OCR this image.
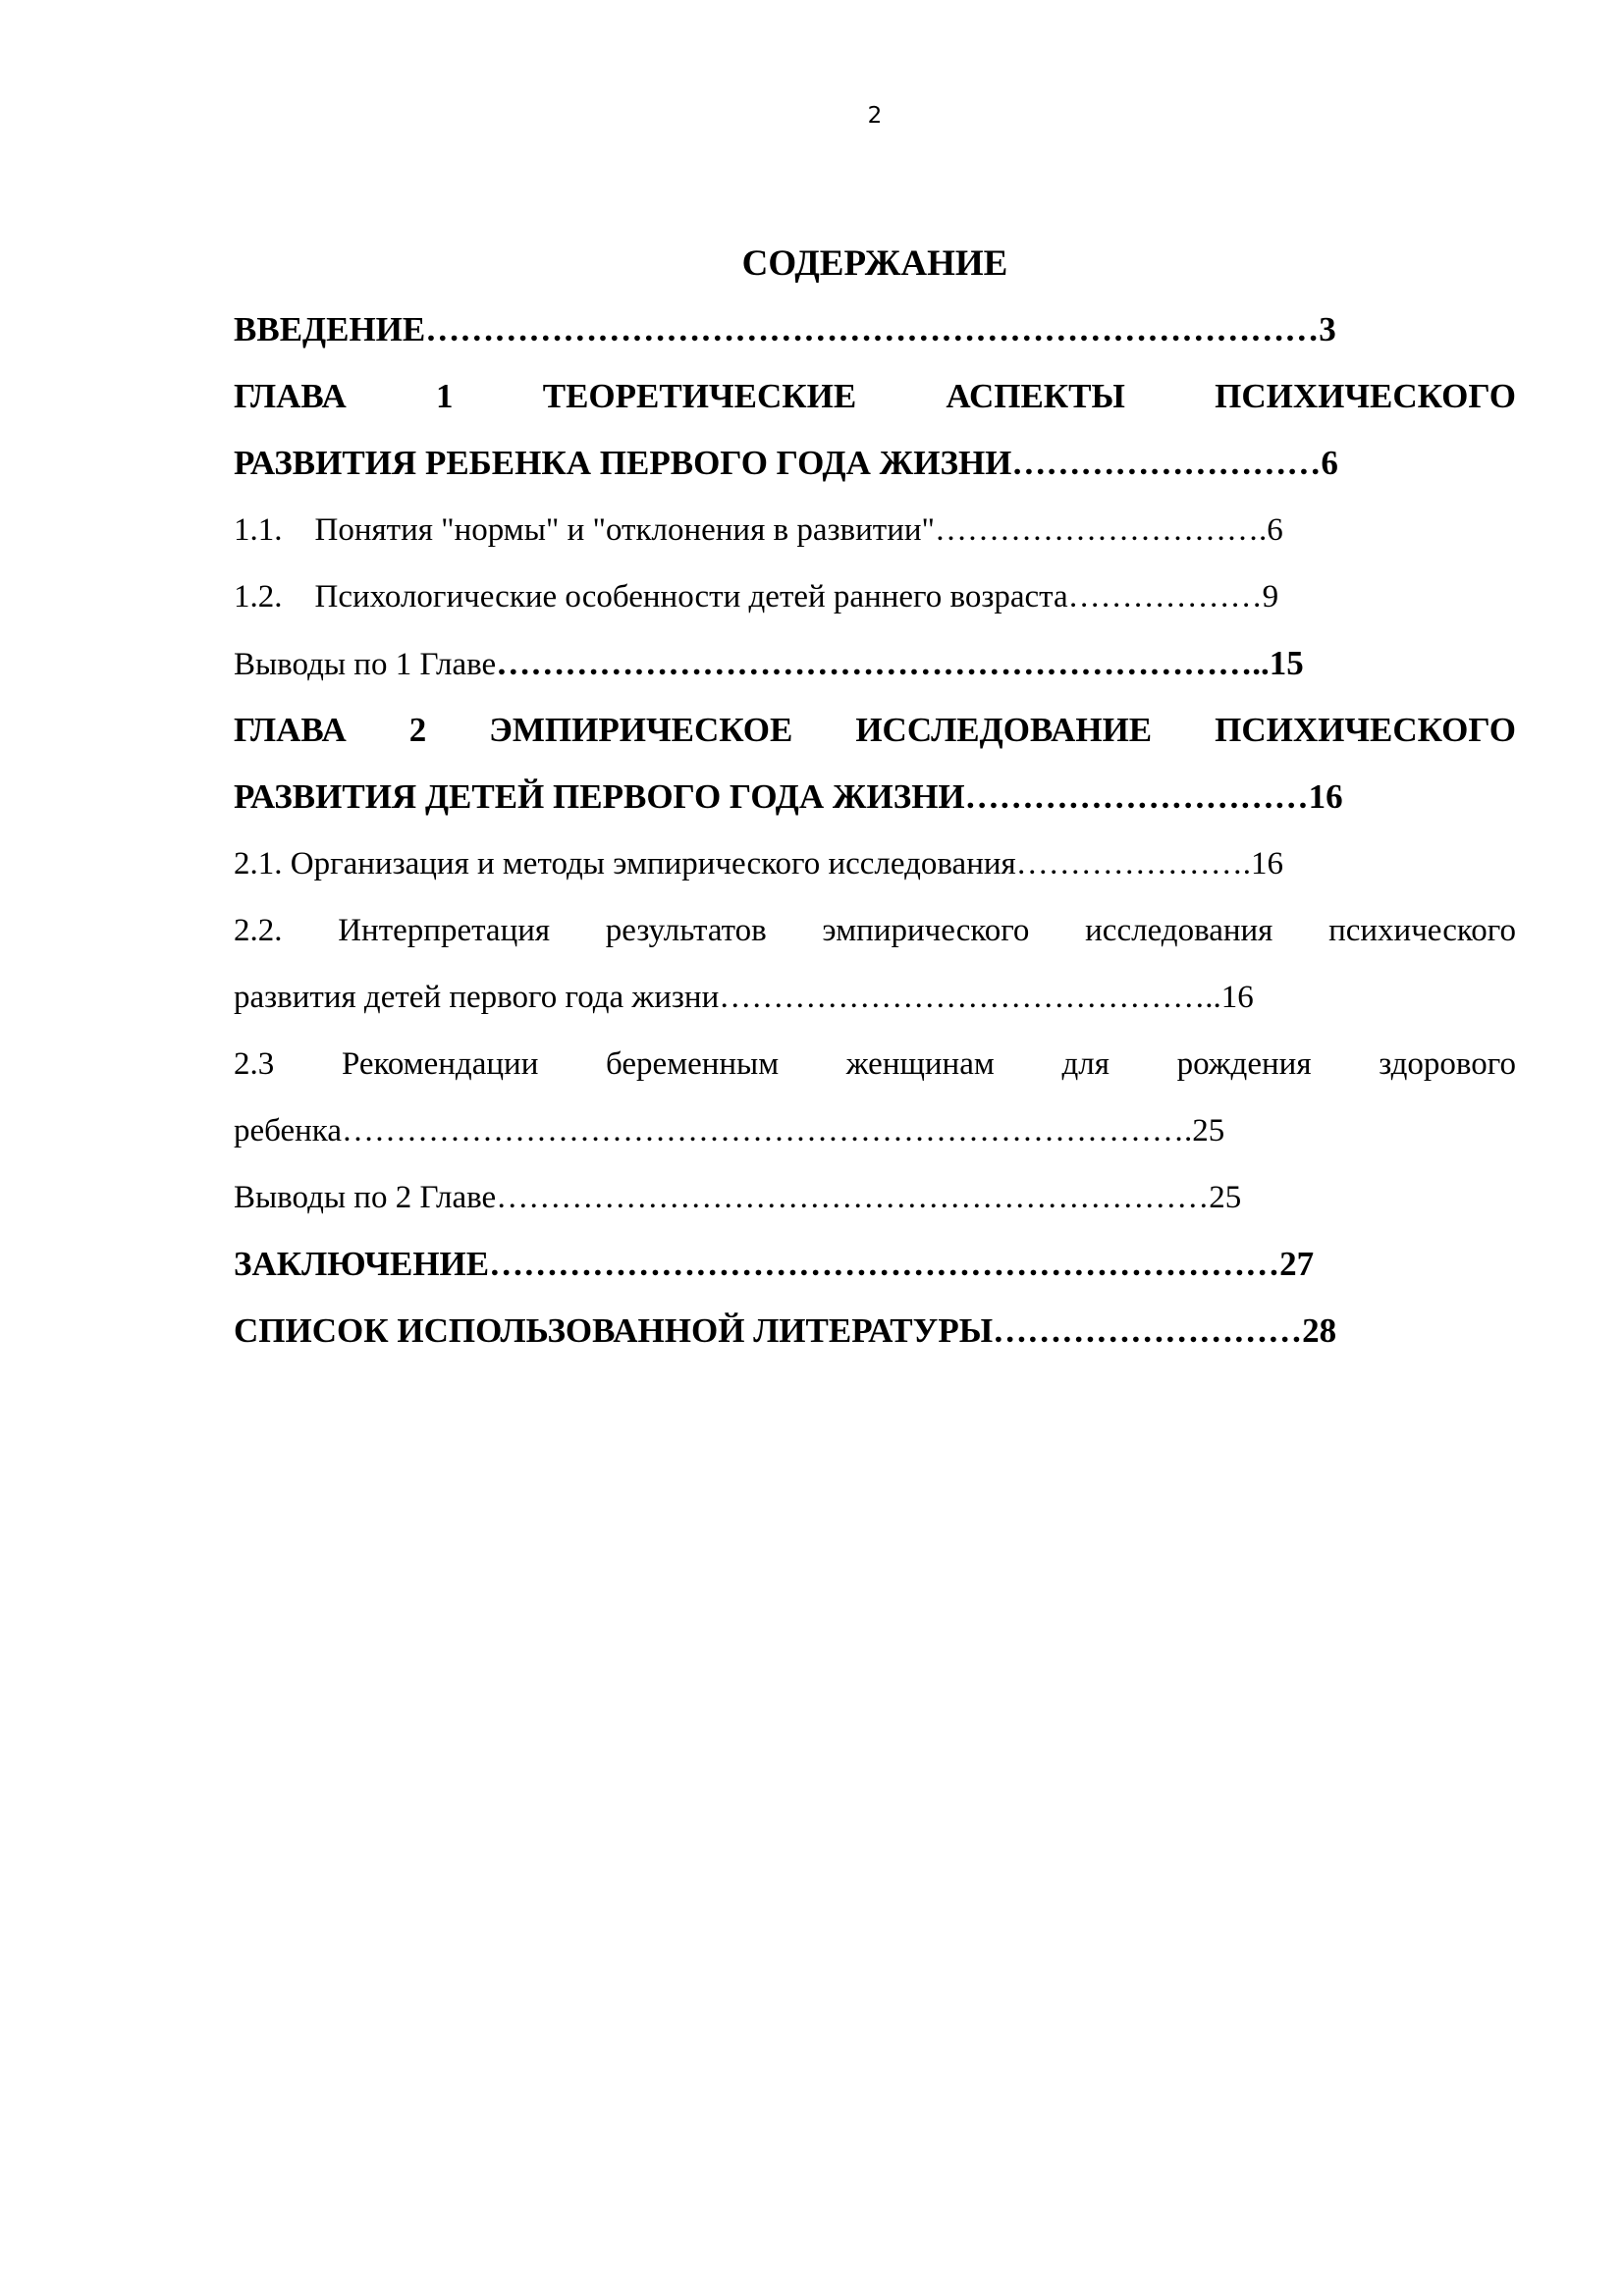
2
СОДЕРЖАНИЕ
ВВЕДЕНИЕ……………………………………………………………………3
ГЛАВА 1 ТЕОРЕТИЧЕСКИЕ АСПЕКТЫ ПСИХИЧЕСКОГО
РАЗВИТИЯ РЕБЕНКА ПЕРВОГО ГОДА ЖИЗНИ………………………6
1.1.    Понятия "нормы" и "отклонения в развитии"………………………….6
1.2.    Психологические особенности детей раннего возраста………………9
Выводы по 1 Главе…………………………………………………………..15
ГЛАВА 2 ЭМПИРИЧЕСКОЕ ИССЛЕДОВАНИЕ ПСИХИЧЕСКОГО
РАЗВИТИЯ ДЕТЕЙ ПЕРВОГО ГОДА ЖИЗНИ…………………………16
2.1. Организация и методы эмпирического исследования………………….16
2.2. Интерпретация результатов эмпирического исследования психического
развития детей первого года жизни………………………………………..16
2.3 Рекомендации беременным женщинам для рождения здорового
ребенка…………………………………………………………………….25
Выводы по 2 Главе…………………………………………………………25
ЗАКЛЮЧЕНИЕ……………………………………………………………27
СПИСОК ИСПОЛЬЗОВАННОЙ ЛИТЕРАТУРЫ………………………28
